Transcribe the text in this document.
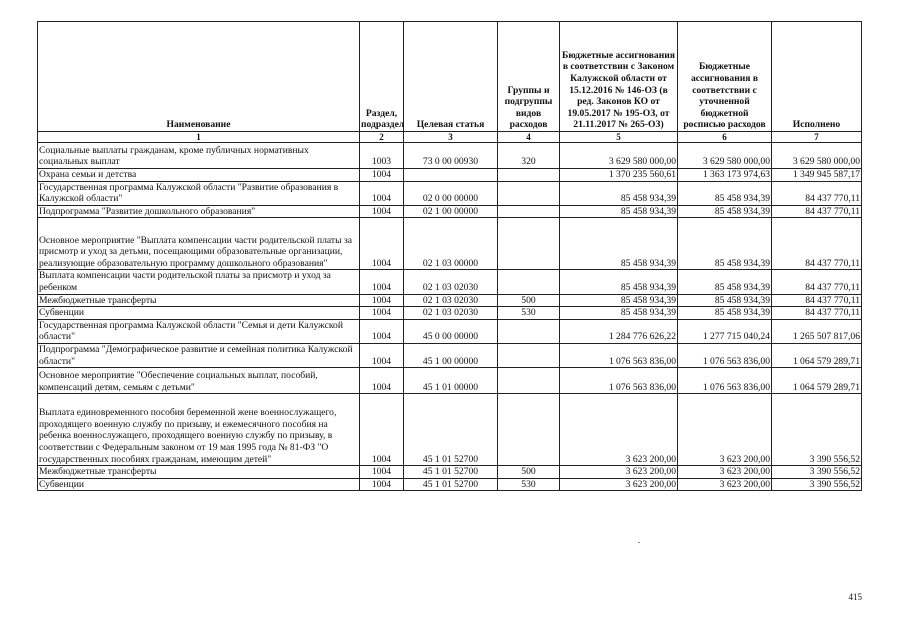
Наименование	Раздел, подраздел	Целевая статья	Группы и подгруппы видов расходов	Бюджетные ассигнования в соответствии с Законом Калужской области от 15.12.2016 № 146-ОЗ (в ред. Законов КО от 19.05.2017 № 195-ОЗ, от 21.11.2017 № 265-ОЗ)	Бюджетные ассигнования в соответствии с уточненной бюджетной росписью расходов	Исполнено
1	2	3	4	5	6	7
Социальные выплаты гражданам, кроме публичных нормативных социальных выплат	1003	73 0 00 00930	320	3 629 580 000,00	3 629 580 000,00	3 629 580 000,00
Охрана семьи и детства	1004			1 370 235 560,61	1 363 173 974,63	1 349 945 587,17
Государственная программа Калужской области "Развитие образования в Калужской области"	1004	02 0 00 00000		85 458 934,39	85 458 934,39	84 437 770,11
Подпрограмма "Развитие дошкольного образования"	1004	02 1 00 00000		85 458 934,39	85 458 934,39	84 437 770,11
Основное мероприятие "Выплата компенсации части родительской платы за присмотр и уход за детьми, посещающими образовательные организации, реализующие образовательную программу дошкольного образования"	1004	02 1 03 00000		85 458 934,39	85 458 934,39	84 437 770,11
Выплата компенсации части родительской платы за присмотр и уход за ребенком	1004	02 1 03 02030		85 458 934,39	85 458 934,39	84 437 770,11
Межбюджетные трансферты	1004	02 1 03 02030	500	85 458 934,39	85 458 934,39	84 437 770,11
Субвенции	1004	02 1 03 02030	530	85 458 934,39	85 458 934,39	84 437 770,11
Государственная программа Калужской области "Семья и дети Калужской области"	1004	45 0 00 00000		1 284 776 626,22	1 277 715 040,24	1 265 507 817,06
Подпрограмма "Демографическое развитие и семейная политика Калужской области"	1004	45 1 00 00000		1 076 563 836,00	1 076 563 836,00	1 064 579 289,71
Основное мероприятие "Обеспечение социальных выплат, пособий, компенсаций детям, семьям с детьми"	1004	45 1 01 00000		1 076 563 836,00	1 076 563 836,00	1 064 579 289,71
Выплата единовременного пособия беременной жене военнослужащего, проходящего военную службу по призыву, и ежемесячного пособия на ребенка военнослужащего, проходящего военную службу по призыву, в соответствии с Федеральным законом от 19 мая 1995 года № 81-ФЗ "О государственных пособиях гражданам, имеющим детей"	1004	45 1 01 52700		3 623 200,00	3 623 200,00	3 390 556,52
Межбюджетные трансферты	1004	45 1 01 52700	500	3 623 200,00	3 623 200,00	3 390 556,52
Субвенции	1004	45 1 01 52700	530	3 623 200,00	3 623 200,00	3 390 556,52
415
